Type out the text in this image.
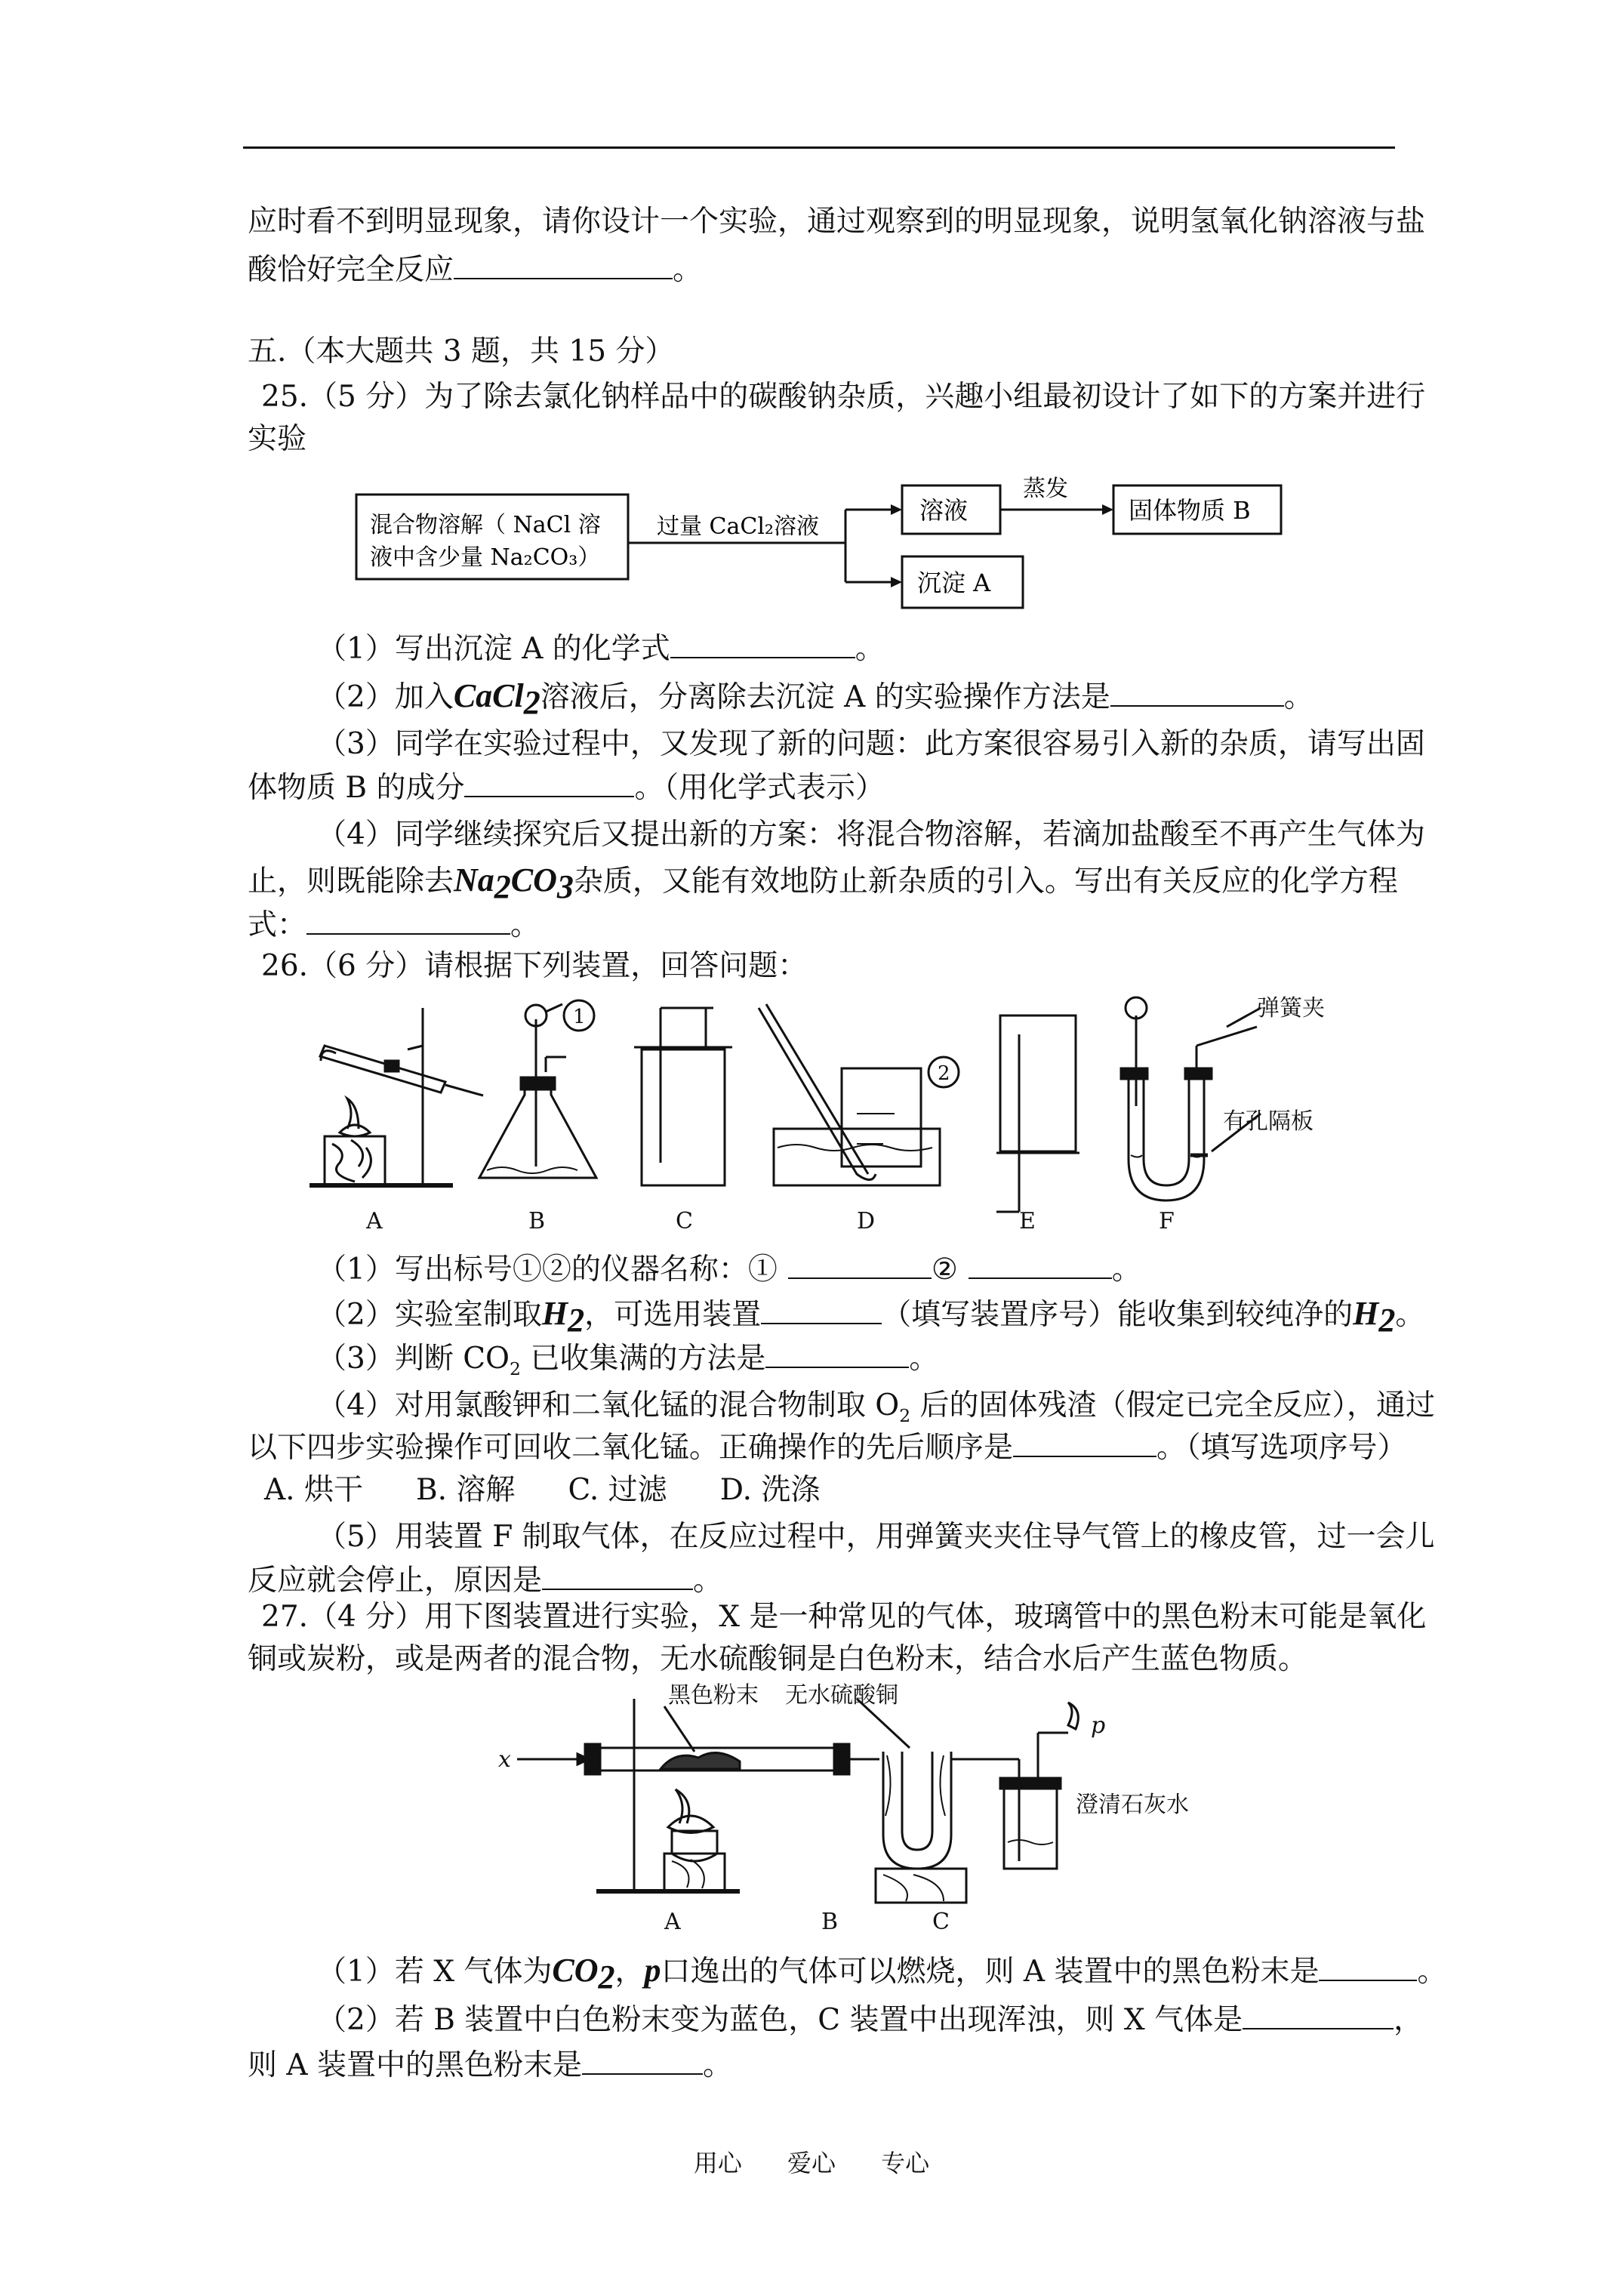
应时看不到明显现象，请你设计一个实验，通过观察到的明显现象，说明氢氧化钠溶液与盐
酸恰好完全反应	。
五.（本大题共 3 题，共 15 分）
25.（5 分）为了除去氯化钠样品中的碳酸钠杂质，兴趣小组最初设计了如下的方案并进行
实验
混合物溶解（ NaCl 溶
液中含少量 Na₂CO₃）
过量 CaCl₂溶液
溶液
蒸发
固体物质 B
沉淀 A
（1）写出沉淀 A 的化学式	。
（2）加入CaCl$_2$溶液后，分离除去沉淀 A 的实验操作方法是	。
（3）同学在实验过程中，又发现了新的问题：此方案很容易引入新的杂质，请写出固
体物质 B 的成分	。（用化学式表示）
（4）同学继续探究后又提出新的方案：将混合物溶解，若滴加盐酸至不再产生气体为
止，则既能除去$Na_2CO_3$杂质，又能有效地防止新杂质的引入。写出有关反应的化学方程
式：	。
26.（6 分）请根据下列装置，回答问题：
1
2
弹簧夹
有孔隔板
A	B	C	D	E	F
（1）写出标号①②的仪器名称：①	②	。
（2）实验室制取$H_2$，可选用装置	（填写装置序号）能收集到较纯净的$H_2$。
（3）判断 $CO_2$ 已收集满的方法是	。
（4）对用氯酸钾和二氧化锰的混合物制取 $O_2$ 后的固体残渣（假定已完全反应），通过
以下四步实验操作可回收二氧化锰。正确操作的先后顺序是	。（填写选项序号）
A. 烘干 B. 溶解 C. 过滤 D. 洗涤
（5）用装置 F 制取气体，在反应过程中，用弹簧夹夹住导气管上的橡皮管，过一会儿
反应就会停止，原因是	。
27.（4 分）用下图装置进行实验，X 是一种常见的气体，玻璃管中的黑色粉末可能是氧化
铜或炭粉，或是两者的混合物，无水硫酸铜是白色粉末，结合水后产生蓝色物质。
黑色粉末 无水硫酸铜
x
p
澄清石灰水
A	B	C
（1）若 X 气体为$CO_2$，p口逸出的气体可以燃烧，则 A 装置中的黑色粉末是	。
（2）若 B 装置中白色粉末变为蓝色，C 装置中出现浑浊，则 X 气体是	，
则 A 装置中的黑色粉末是	。
用心 爱心 专心
